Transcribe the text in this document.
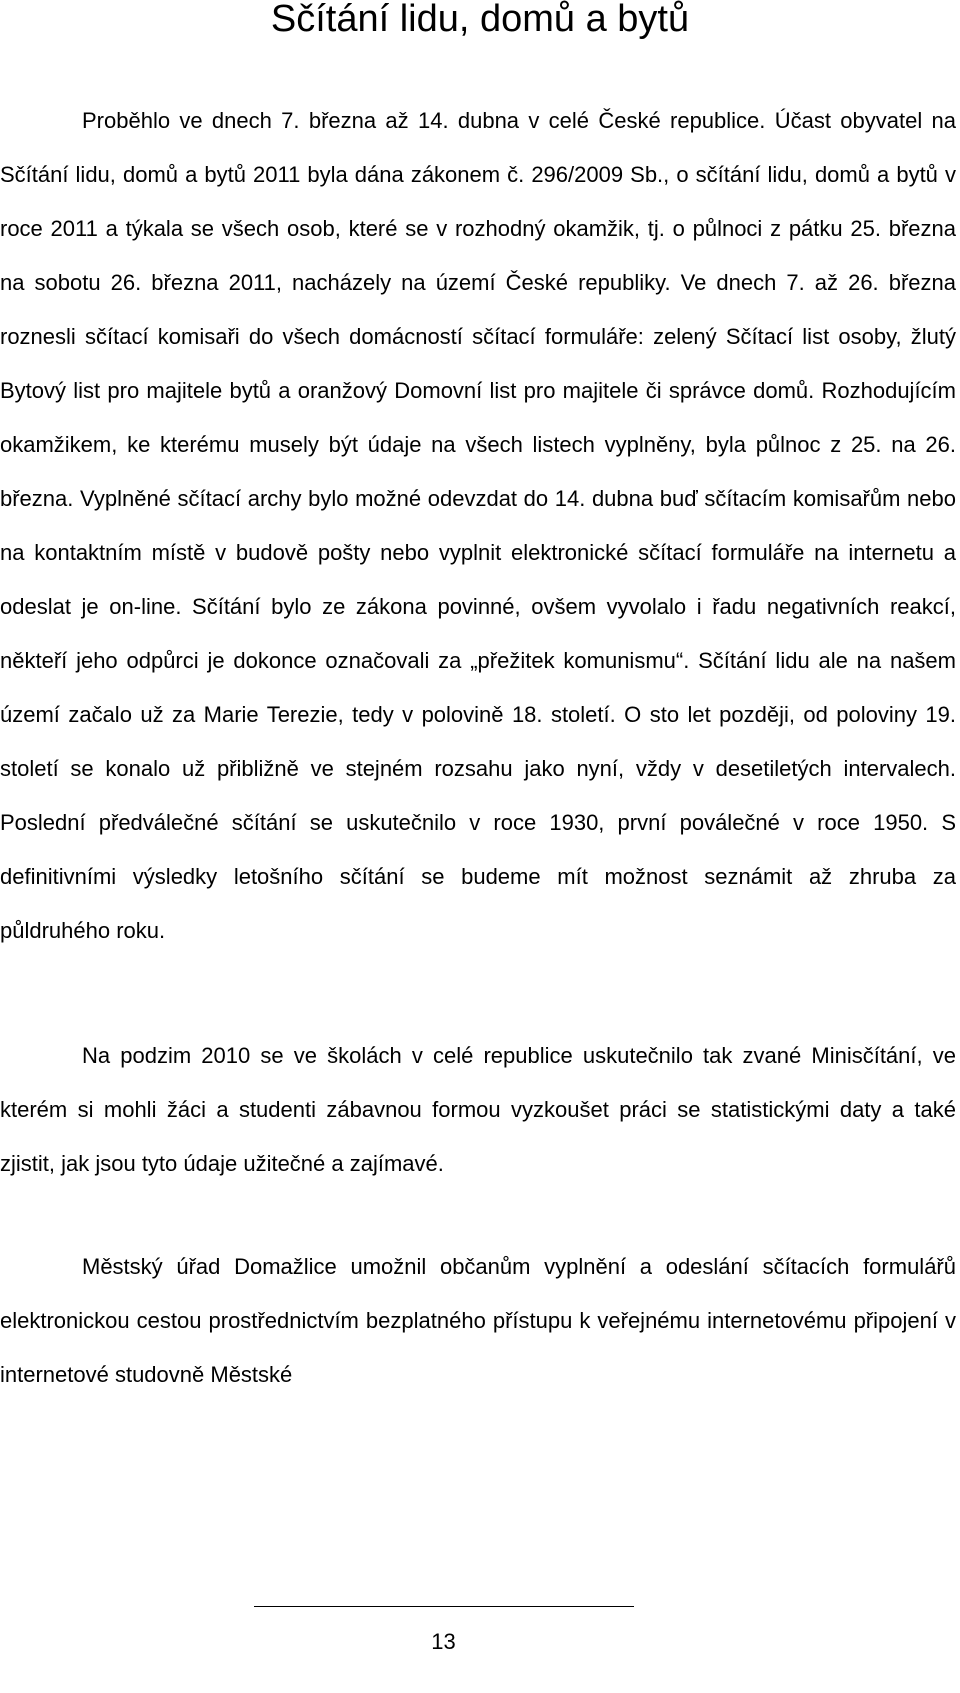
Sčítání lidu, domů a bytů

Proběhlo ve dnech 7. března až 14. dubna v celé České republice. Účast obyvatel na Sčítání lidu, domů a bytů 2011 byla dána zákonem č. 296/2009 Sb., o sčítání lidu, domů a bytů v roce 2011 a týkala se všech osob, které se v rozhodný okamžik, tj. o půlnoci z pátku 25. března na sobotu 26. března 2011, nacházely na území České republiky. Ve dnech 7. až 26. března roznesli sčítací komisaři do všech domácností sčítací formuláře: zelený Sčítací list osoby, žlutý Bytový list pro majitele bytů a oranžový Domovní list pro majitele či správce domů. Rozhodujícím okamžikem, ke kterému musely být údaje na všech listech vyplněny, byla půlnoc z 25. na 26. března. Vyplněné sčítací archy bylo možné odevzdat do 14. dubna buď sčítacím komisařům nebo na kontaktním místě v budově pošty nebo vyplnit elektronické sčítací formuláře na internetu a odeslat je on-line. Sčítání bylo ze zákona povinné, ovšem vyvolalo i řadu negativních reakcí, někteří jeho odpůrci je dokonce označovali za „přežitek komunismu“. Sčítání lidu ale na našem území začalo už za Marie Terezie, tedy v polovině 18. století. O sto let později, od poloviny 19. století se konalo už přibližně ve stejném rozsahu jako nyní, vždy v desetiletých intervalech. Poslední předválečné sčítání se uskutečnilo v roce 1930, první poválečné v roce 1950. S definitivními výsledky letošního sčítání se budeme mít možnost seznámit až zhruba za půldruhého roku.

Na podzim 2010 se ve školách v celé republice uskutečnilo tak zvané Minisčítání, ve kterém si mohli žáci a studenti zábavnou formou vyzkoušet práci se statistickými daty a také zjistit, jak jsou tyto údaje užitečné a zajímavé.

Městský úřad Domažlice umožnil občanům vyplnění a odeslání sčítacích formulářů elektronickou cestou prostřednictvím bezplatného přístupu k veřejnému internetovému připojení v internetové studovně Městské

13
